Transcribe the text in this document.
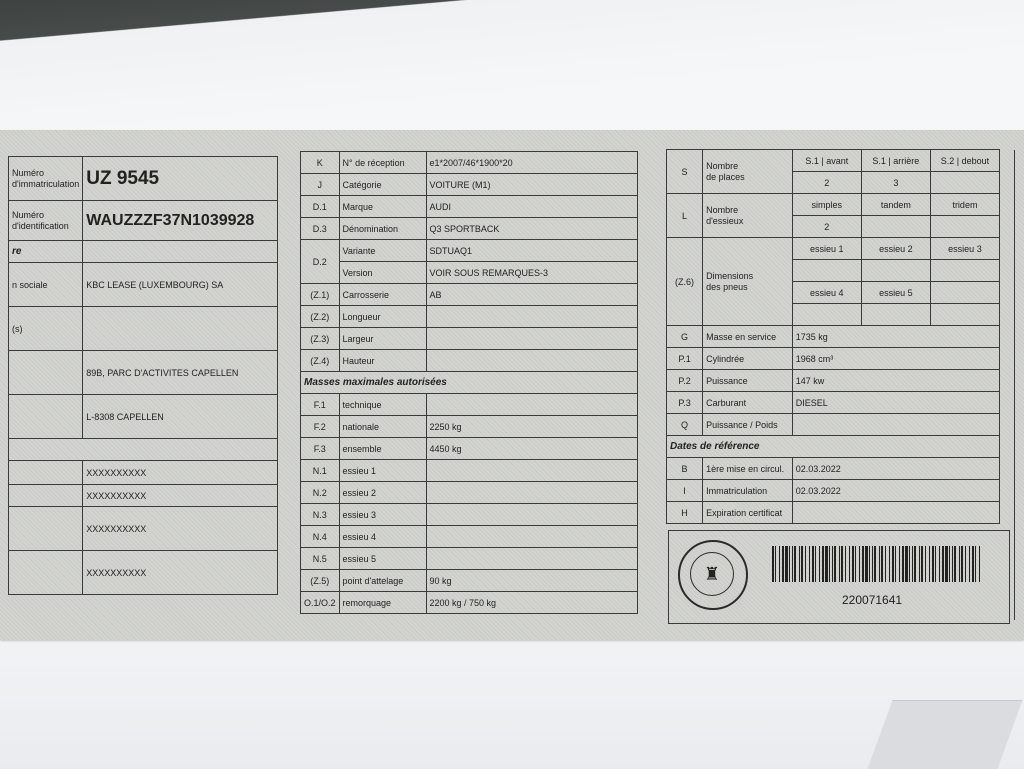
Numéro
d'immatriculation	UZ 9545
Numéro
d'identification	WAUZZZF37N1039928
re	
n sociale	KBC LEASE (LUXEMBOURG) SA
(s)	
	89B, PARC D'ACTIVITES CAPELLEN
	L-8308 CAPELLEN

	XXXXXXXXXX
	XXXXXXXXXX
	XXXXXXXXXX
	XXXXXXXXXX
K	N° de réception	e1*2007/46*1900*20
J	Catégorie	VOITURE (M1)
D.1	Marque	AUDI
D.3	Dénomination	Q3 SPORTBACK
D.2	Variante	SDTUAQ1
	Version	VOIR SOUS REMARQUES-3
(Z.1)	Carrosserie	AB
(Z.2)	Longueur	
(Z.3)	Largeur	
(Z.4)	Hauteur	
Masses maximales autorisées		
F.1	technique	
F.2	nationale	2250 kg
F.3	ensemble	4450 kg
N.1	essieu 1	
N.2	essieu 2	
N.3	essieu 3	
N.4	essieu 4	
N.5	essieu 5	
(Z.5)	point d'attelage	90 kg
O.1/O.2	remorquage	2200 kg / 750 kg
S	Nombre
de places	S.1 | avant	S.1 | arrière	S.2 | debout
		2	3	
L	Nombre
d'essieux	simples	tandem	tridem
		2		
(Z.6)	Dimensions
des pneus	essieu 1	essieu 2	essieu 3

		essieu 4	essieu 5	

G	Masse en service	1735 kg		
P.1	Cylindrée	1968 cm³		
P.2	Puissance	147 kw		
P.3	Carburant	DIESEL		
Q	Puissance / Poids			
Dates de référence				
B	1ère mise en circul.	02.03.2022		
I	Immatriculation	02.03.2022		
H	Expiration certificat			
♜
220071641
